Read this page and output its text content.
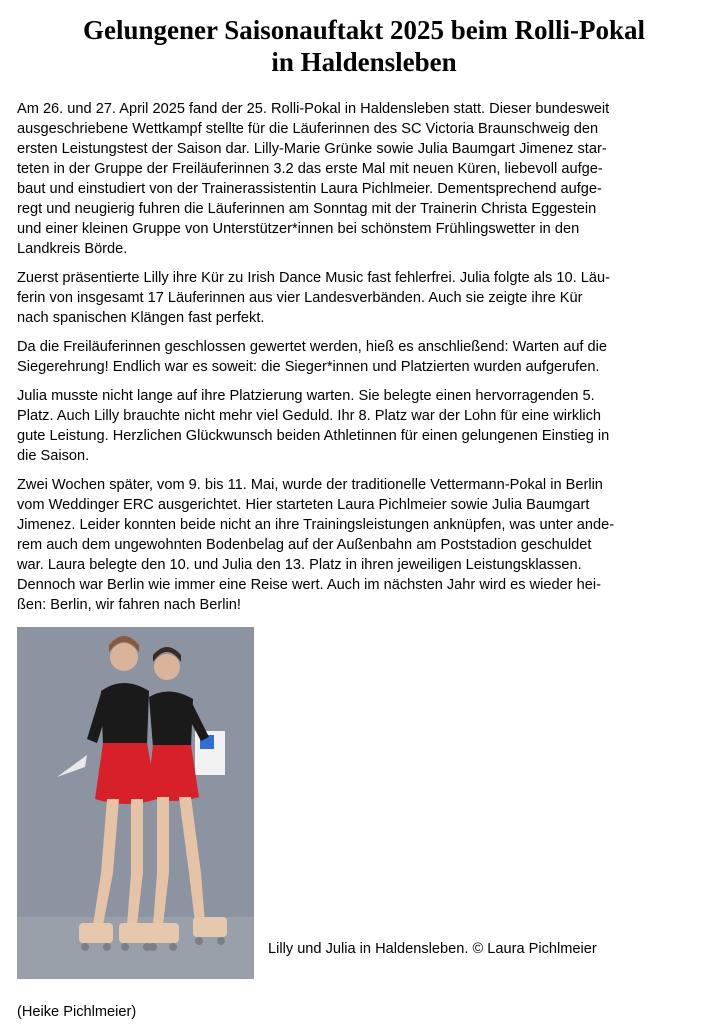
Gelungener Saisonauftakt 2025 beim Rolli-Pokal
in Haldensleben

Am 26. und 27. April 2025 fand der 25. Rolli-Pokal in Haldensleben statt. Dieser bundesweit
ausgeschriebene Wettkampf stellte für die Läuferinnen des SC Victoria Braunschweig den
ersten Leistungstest der Saison dar. Lilly-Marie Grünke sowie Julia Baumgart Jimenez star-
teten in der Gruppe der Freiläuferinnen 3.2 das erste Mal mit neuen Küren, liebevoll aufge-
baut und einstudiert von der Trainerassistentin Laura Pichlmeier. Dementsprechend aufge-
regt und neugierig fuhren die Läuferinnen am Sonntag mit der Trainerin Christa Eggestein
und einer kleinen Gruppe von Unterstützer*innen bei schönstem Frühlingswetter in den
Landkreis Börde.

Zuerst präsentierte Lilly ihre Kür zu Irish Dance Music fast fehlerfrei. Julia folgte als 10. Läu-
ferin von insgesamt 17 Läuferinnen aus vier Landesverbänden. Auch sie zeigte ihre Kür
nach spanischen Klängen fast perfekt.

Da die Freiläuferinnen geschlossen gewertet werden, hieß es anschließend: Warten auf die
Siegerehrung! Endlich war es soweit: die Sieger*innen und Platzierten wurden aufgerufen.

Julia musste nicht lange auf ihre Platzierung warten. Sie belegte einen hervorragenden 5.
Platz. Auch Lilly brauchte nicht mehr viel Geduld. Ihr 8. Platz war der Lohn für eine wirklich
gute Leistung. Herzlichen Glückwunsch beiden Athletinnen für einen gelungenen Einstieg in
die Saison.

Zwei Wochen später, vom 9. bis 11. Mai, wurde der traditionelle Vettermann-Pokal in Berlin
vom Weddinger ERC ausgerichtet. Hier starteten Laura Pichlmeier sowie Julia Baumgart
Jimenez. Leider konnten beide nicht an ihre Trainingsleistungen anknüpfen, was unter ande-
rem auch dem ungewohnten Bodenbelag auf der Außenbahn am Poststadion geschuldet
war. Laura belegte den 10. und Julia den 13. Platz in ihren jeweiligen Leistungsklassen.
Dennoch war Berlin wie immer eine Reise wert. Auch im nächsten Jahr wird es wieder hei-
ßen: Berlin, wir fahren nach Berlin!

Lilly und Julia in Haldensleben. © Laura Pichlmeier
(Heike Pichlmeier)
